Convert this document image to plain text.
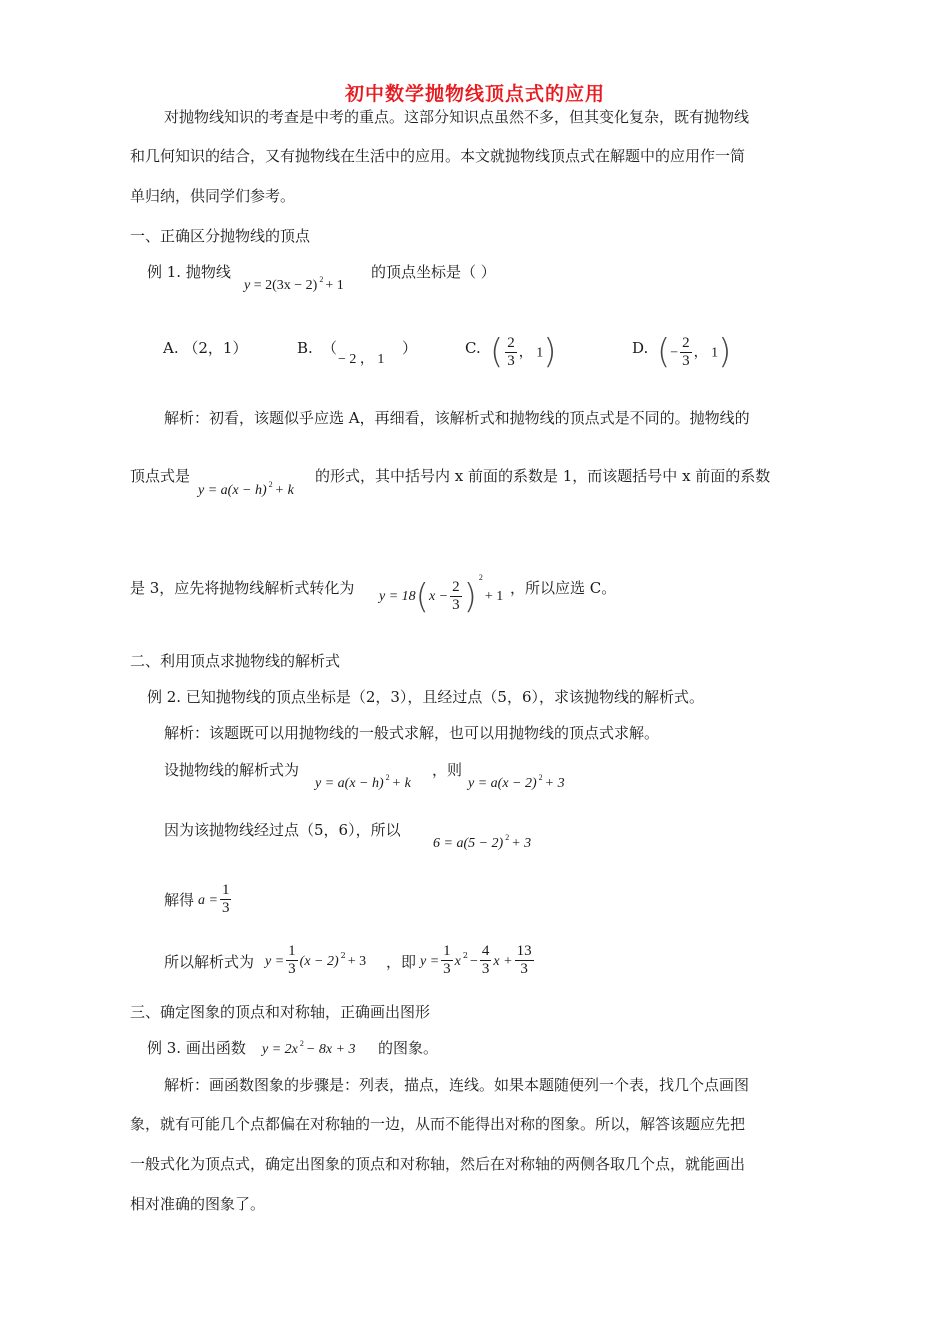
初中数学抛物线顶点式的应用
对抛物线知识的考查是中考的重点。这部分知识点虽然不多，但其变化复杂，既有抛物线
和几何知识的结合，又有抛物线在生活中的应用。本文就抛物线顶点式在解题中的应用作一简
单归纳，供同学们参考。
一、正确区分抛物线的顶点
例 1. 抛物线
y = 2(3x − 2) $^2$ + 1
的顶点坐标是（ ）
A. （2，1）	B. （
− 2 ， 1
）	C. ( $\frac{2}{3}$ ， 1)	D. (− $\frac{2}{3}$ ， 1)
解析：初看，该题似乎应选 A，再细看，该解析式和抛物线的顶点式是不同的。抛物线的
顶点式是
y = a(x − h) $^2$ + k
的形式，其中括号内 x 前面的系数是 1，而该题括号中 x 前面的系数
是 3，应先将抛物线解析式转化为 $y = 18(x - \frac{2}{3}$ ) $^2$+ 1 ，所以应选 C。
二、利用顶点求抛物线的解析式
例 2. 已知抛物线的顶点坐标是（2，3），且经过点（5，6），求该抛物线的解析式。
解析：该题既可以用抛物线的一般式求解，也可以用抛物线的顶点式求解。
设抛物线的解析式为
y = a(x − h) $^2$ + k
，则
y = a(x − 2) $^2$ + 3
因为该抛物线经过点（5，6），所以
6 = a(5 − 2) $^2$ + 3
解得 $a = \frac{1}{3}$
所以解析式为 $y = \frac{1}{3} (x - 2) ^2 + 3$ ，即 $y = \frac{1}{3}$ x $^2 - \frac{4}{3}$ $x + \frac{13}{3}$
三、确定图象的顶点和对称轴，正确画出图形
例 3. 画出函数 y = 2x $^2$ − 8x + 3 的图象。
解析：画函数图象的步骤是：列表，描点，连线。如果本题随便列一个表，找几个点画图
象，就有可能几个点都偏在对称轴的一边，从而不能得出对称的图象。所以，解答该题应先把
一般式化为顶点式，确定出图象的顶点和对称轴，然后在对称轴的两侧各取几个点，就能画出
相对准确的图象了。
